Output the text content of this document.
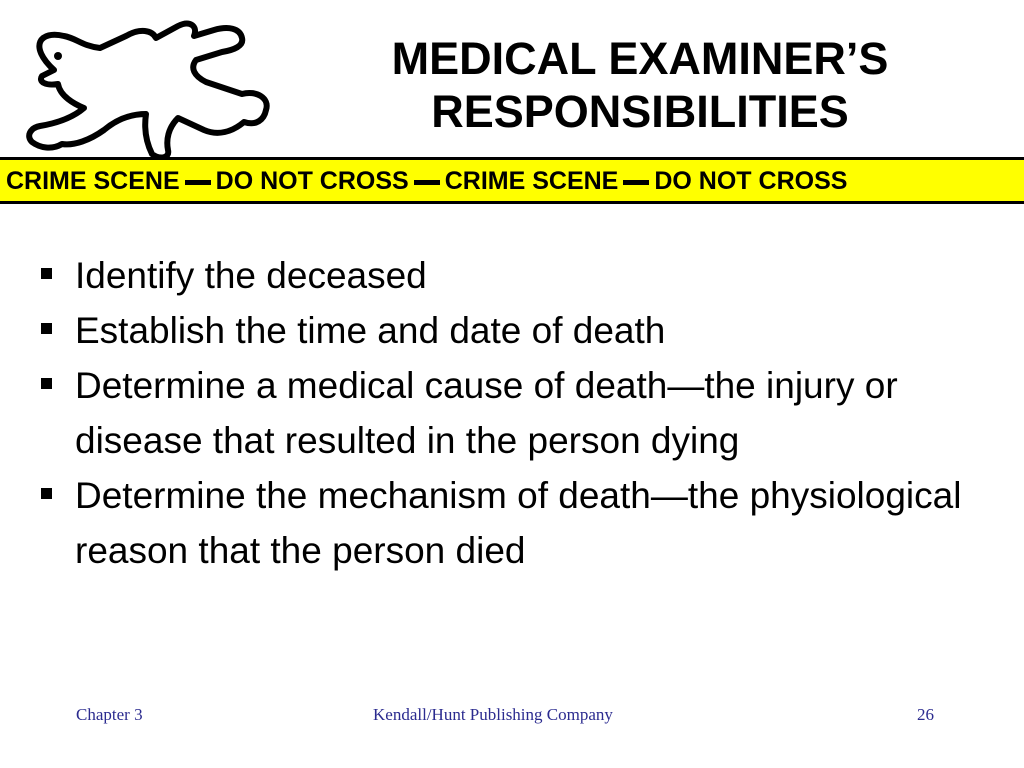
MEDICAL EXAMINER’S
RESPONSIBILITIES
CRIME SCENE DO NOT CROSS CRIME SCENE DO NOT CROSS
Identify the deceased
Establish the time and date of death
Determine a medical cause of death—the injury or disease that resulted in the person dying
Determine the mechanism of death—the physiological reason that the person died
Chapter 3	Kendall/Hunt Publishing Company	26
